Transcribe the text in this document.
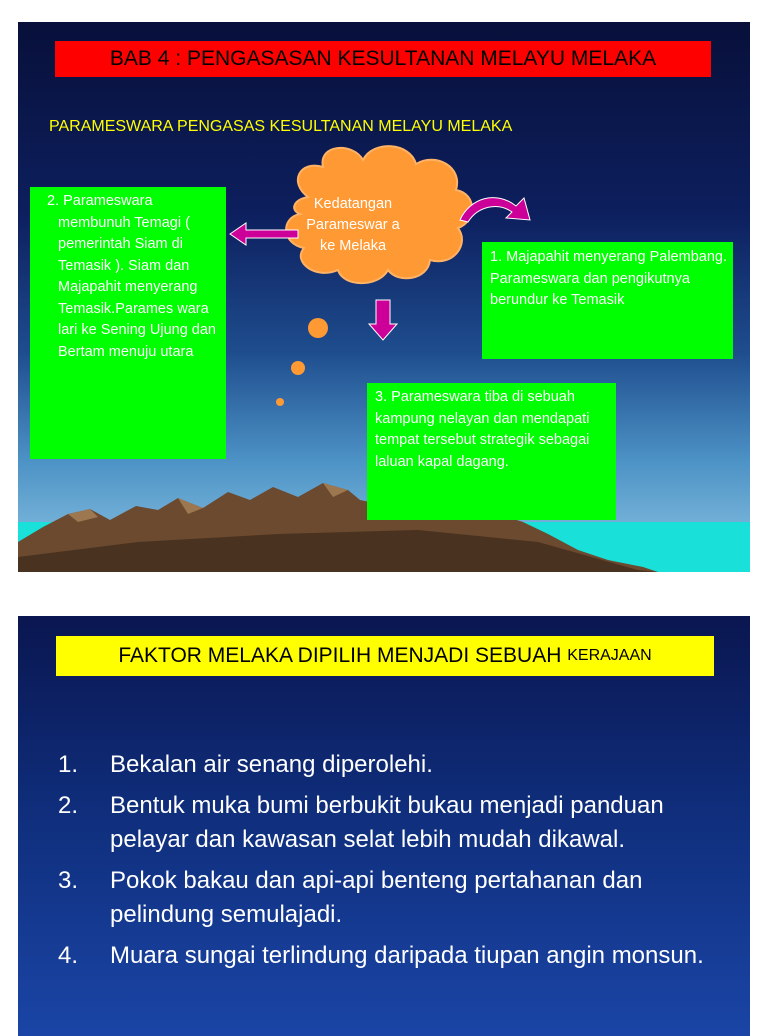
BAB 4 : PENGASASAN KESULTANAN MELAYU MELAKA
PARAMESWARA PENGASAS KESULTANAN MELAYU MELAKA
Kedatangan Parameswar a ke Melaka
2. Parameswara membunuh Temagi ( pemerintah Siam di Temasik ). Siam dan Majapahit menyerang Temasik.Parames wara lari ke Sening Ujung dan Bertam menuju utara
1. Majapahit menyerang Palembang. Parameswara dan pengikutnya berundur ke Temasik
3. Parameswara tiba di sebuah kampung nelayan dan mendapati tempat tersebut strategik sebagai laluan kapal dagang.
FAKTOR MELAKA DIPILIH MENJADI SEBUAH
KERAJAAN
1.	Bekalan air senang diperolehi.
2.	Bentuk muka bumi berbukit bukau menjadi panduan pelayar dan kawasan selat lebih mudah dikawal.
3.	Pokok bakau dan api-api benteng pertahanan dan pelindung semulajadi.
4.	Muara sungai terlindung daripada tiupan angin monsun.
